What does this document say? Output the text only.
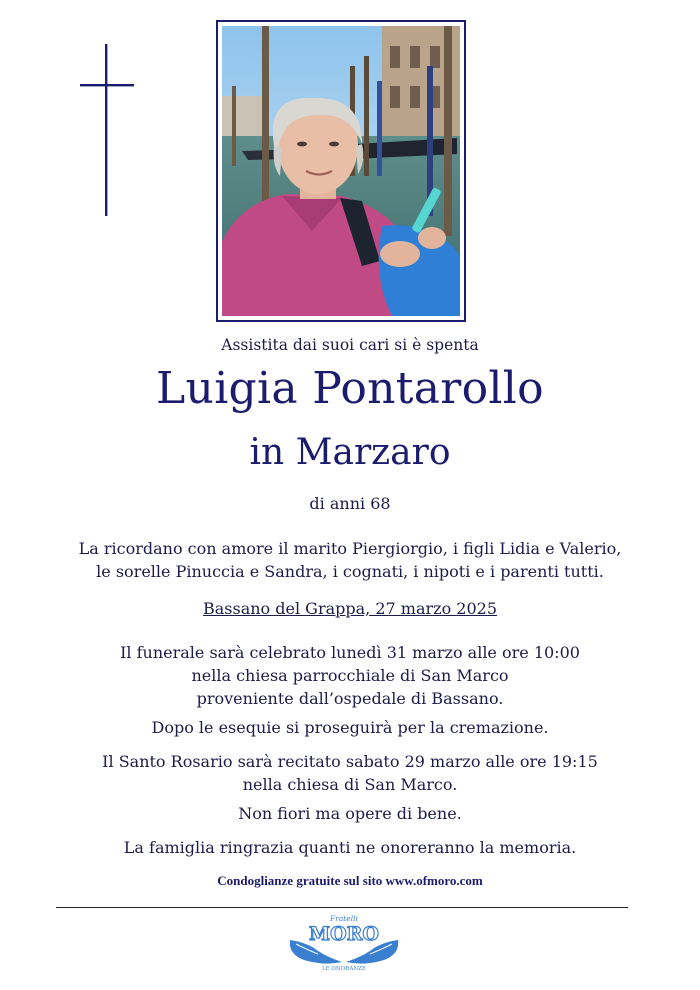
Assistita dai suoi cari si è spenta
Luigia Pontarollo
in Marzaro
di anni 68
La ricordano con amore il marito Piergiorgio, i figli Lidia e Valerio,
le sorelle Pinuccia e Sandra, i cognati, i nipoti e i parenti tutti.
Bassano del Grappa, 27 marzo 2025
Il funerale sarà celebrato lunedì 31 marzo alle ore 10:00
nella chiesa parrocchiale di San Marco
proveniente dall’ospedale di Bassano.
Dopo le esequie si proseguirà per la cremazione.
Il Santo Rosario sarà recitato sabato 29 marzo alle ore 19:15
nella chiesa di San Marco.
Non fiori ma opere di bene.
La famiglia ringrazia quanti ne onoreranno la memoria.
Condoglianze gratuite sul sito www.ofmoro.com
Fratelli
MORO
LE ONORANZE
